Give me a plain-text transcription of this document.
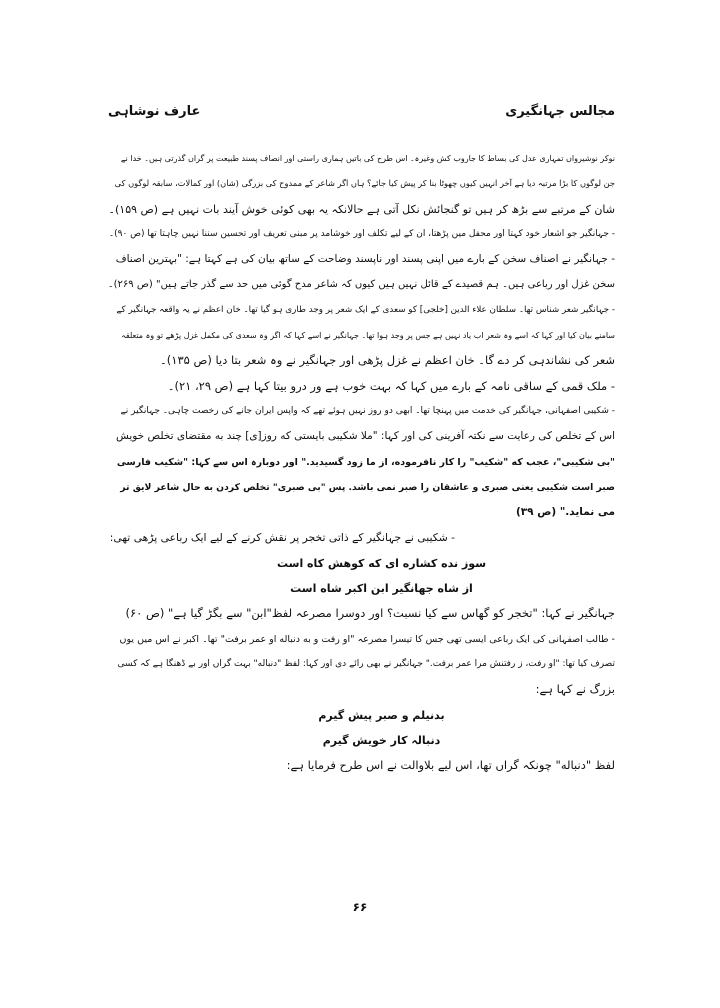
مجالس جہانگیری
عارف نوشاہی
نوکر نوشیرواں تمہاری عدل کی بساط کا جاروب کش وغیرہ۔ اس طرح کی باتیں ہماری راستی اور انصاف پسند طبیعت پر گراں گذرتی ہیں۔ خدا نے
جن لوگوں کا بڑا مرتبہ دیا ہے آخر انہیں کیوں چھوٹا بنا کر پیش کیا جائے؟ ہاں اگر شاعر کے ممدوح کی بزرگی (شان) اور کمالات، سابقہ لوگوں کی
شان کے مرتبے سے بڑھ کر ہیں تو گنجائش نکل آتی ہے حالانکہ یہ بھی کوئی خوش آیند بات نہیں ہے (ص ۱۵۹)۔
- جہانگیر جو اشعار خود کہتا اور محفل میں پڑھتا، ان کے لیے تکلف اور خوشامد پر مبنی تعریف اور تحسین سننا نہیں چاہتا تھا (ص ۹۰)۔
- جہانگیر نے اصناف سخن کے بارے میں اپنی پسند اور ناپسند وضاحت کے ساتھ بیان کی ہے کہتا ہے: "بہترین اصناف
سخن غزل اور رباعی ہیں۔ ہم قصیدے کے قائل نہیں ہیں کیوں کہ شاعر مدح گوئی میں حد سے گذر جاتے ہیں" (ص ۲۶۹)۔
- جہانگیر شعر شناس تھا۔ سلطان علاء الدین [خلجی] کو سعدی کے ایک شعر پر وجد طاری ہو گیا تھا۔ خان اعظم نے یہ واقعہ جہانگیر کے
سامنے بیان کیا اور کہا کہ اسے وہ شعر اب یاد نہیں ہے جس پر وجد ہوا تھا۔ جہانگیر نے اسے کہا کہ اگر وہ سعدی کی مکمل غزل پڑھے تو وہ متعلقہ
شعر کی نشاندہی کر دے گا۔ خان اعظم نے غزل پڑھی اور جہانگیر نے وہ شعر بتا دیا (ص ۱۳۵)۔
- ملک قمی کے ساقی نامہ کے بارے میں کہا کہ بہت خوب ہے ور درو بیتا کہا ہے (ص ۲۹، ۲۱)۔
- شکیبی اصفہانی، جہانگیر کی خدمت میں پہنچا تھا۔ ابھی دو روز نہیں ہوئے تھے کہ واپس ایران جانے کی رخصت چاہی۔ جہانگیر نے
اس کے تخلص کی رعایت سے نکتہ آفرینی کی اور کہا: "ملا شکیبی بایستی که روز[ی] چند به مقتضای تخلص خویش
"بی شکیبی"، عجب که "شکیب" را کار نافرموده، از ما زود گسیدید." اور دوبارہ اس سے کہا: "شکیب فارسی
صبر است شکیبی یعنی صبری و عاشقان را صبر نمی باشد. پس "بی صبری" تخلص کردن به حال شاعر لایق تر
می نماید." (ص ۳۹)
- شکیبی نے جہانگیر کے ذاتی تخجر پر نقش کرنے کے لیے ایک رباعی پڑھی تھی:
سوز نده کشاره ای که کوهش کاه است
از شاه جهانگیر ابن اکبر شاه است
جہانگیر نے کہا: "تخجر کو گھاس سے کیا نسبت؟ اور دوسرا مصرعہ لفظ"ابن" سے بگڑ گیا ہے" (ص ۶۰)
- طالب اصفہانی کی ایک رباعی ایسی تھی جس کا تیسرا مصرعہ "او رفت و به دنباله او عمر برفت" تھا۔ اکبر نے اس میں یوں
تصرف کیا تھا: "او رفت، ز رفتنش مرا عمر برفت." جہانگیر نے بھی رائے دی اور کہا: لفظ "دنباله" بہت گراں اور بے ڈھنگا ہے کہ کسی
بزرگ نے کہا ہے:
بدنیلم و صبر پیش گیرم
دنبالہ کار خویش گیرم
لفظ "دنباله" چونکہ گراں تھا، اس لیے بلاوالت نے اس طرح فرمایا ہے:
۶۶
